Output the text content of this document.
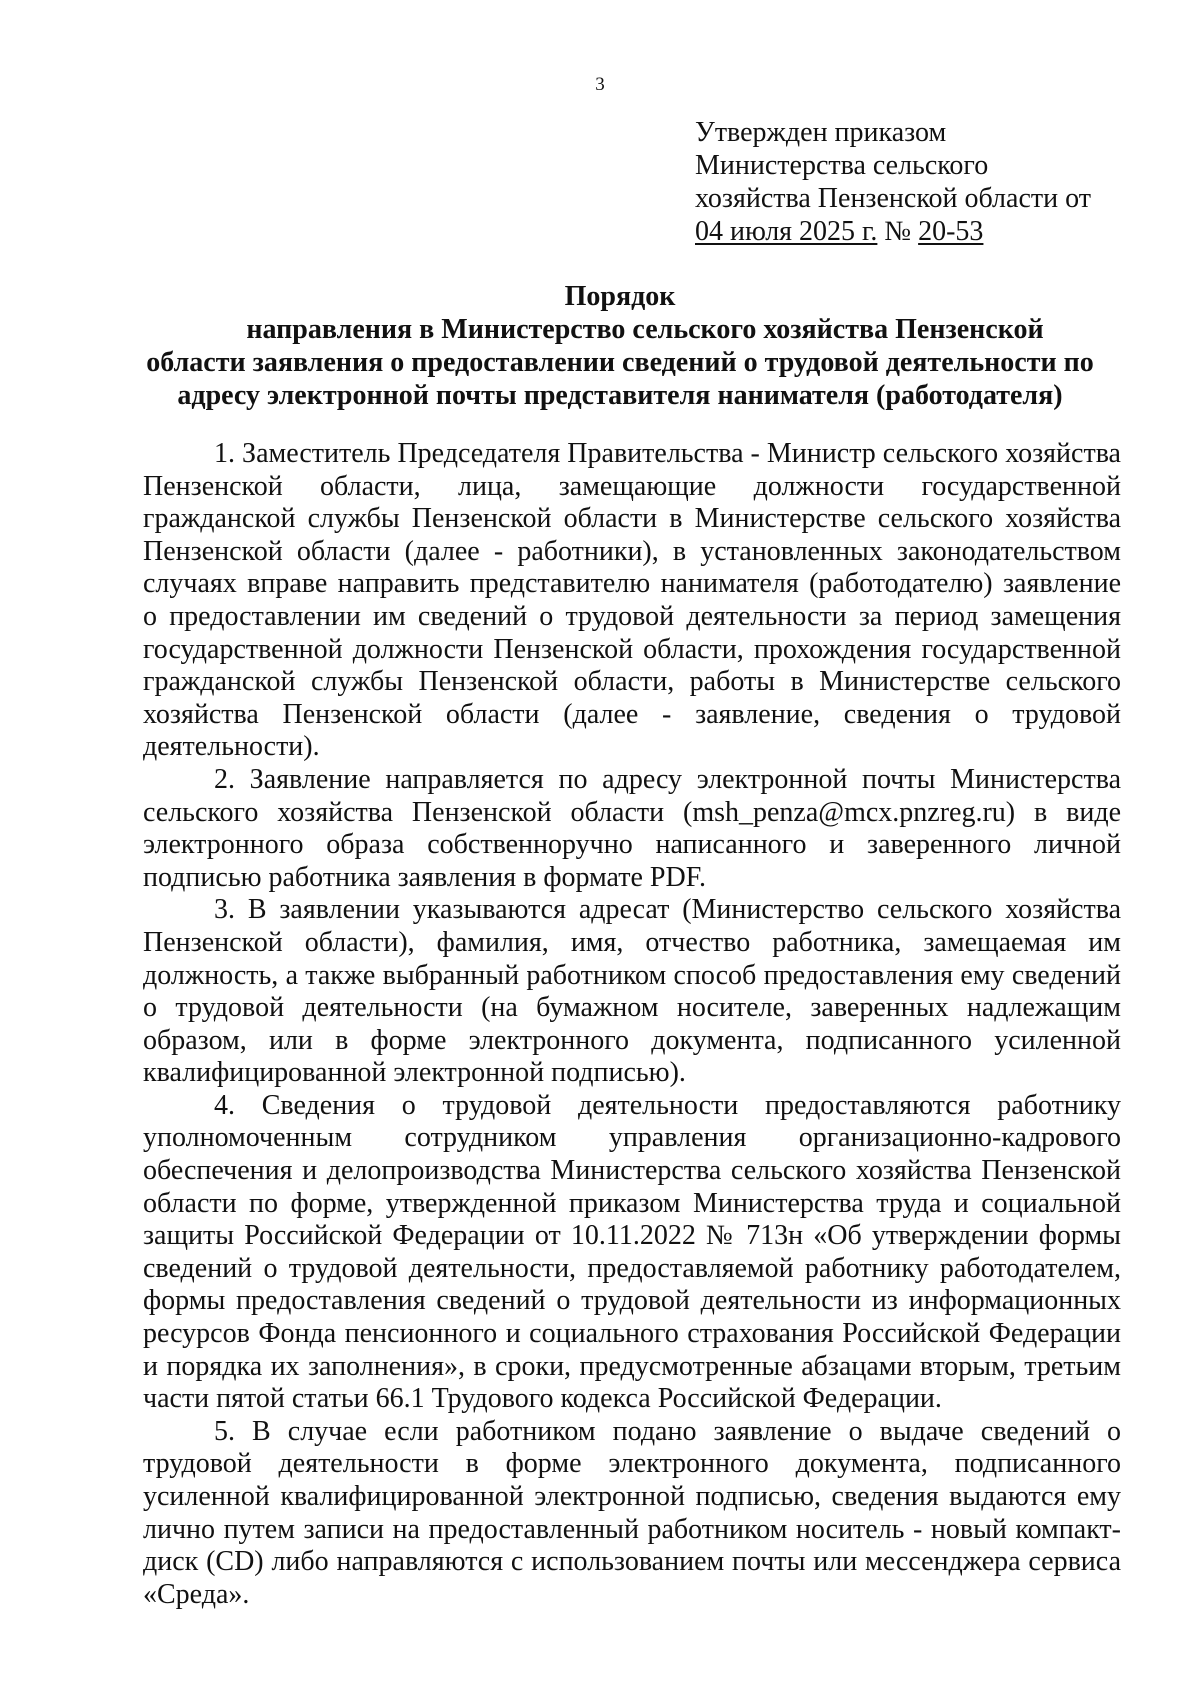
3
Утвержден приказом
Министерства сельского
хозяйства Пензенской области от
04 июля 2025 г. № 20-53
Порядок
направления в Министерство сельского хозяйства Пензенской
области заявления о предоставлении сведений о трудовой деятельности по
адресу электронной почты представителя нанимателя (работодателя)

1. Заместитель Председателя Правительства - Министр сельского хозяйства Пензенской области, лица, замещающие должности государственной гражданской службы Пензенской области в Министерстве сельского хозяйства Пензенской области (далее - работники), в установленных законодательством случаях вправе направить представителю нанимателя (работодателю) заявление о предоставлении им сведений о трудовой деятельности за период замещения государственной должности Пензенской области, прохождения государственной гражданской службы Пензенской области, работы в Министерстве сельского хозяйства Пензенской области (далее - заявление, сведения о трудовой деятельности).

2. Заявление направляется по адресу электронной почты Министерства сельского хозяйства Пензенской области (msh_penza@mcx.pnzreg.ru) в виде электронного образа собственноручно написанного и заверенного личной подписью работника заявления в формате PDF.

3. В заявлении указываются адресат (Министерство сельского хозяйства Пензенской области), фамилия, имя, отчество работника, замещаемая им должность, а также выбранный работником способ предоставления ему сведений о трудовой деятельности (на бумажном носителе, заверенных надлежащим образом, или в форме электронного документа, подписанного усиленной квалифицированной электронной подписью).

4. Сведения о трудовой деятельности предоставляются работнику уполномоченным сотрудником управления организационно-кадрового обеспечения и делопроизводства Министерства сельского хозяйства Пензенской области по форме, утвержденной приказом Министерства труда и социальной защиты Российской Федерации от 10.11.2022 № 713н «Об утверждении формы сведений о трудовой деятельности, предоставляемой работнику работодателем, формы предоставления сведений о трудовой деятельности из информационных ресурсов Фонда пенсионного и социального страхования Российской Федерации и порядка их заполнения», в сроки, предусмотренные абзацами вторым, третьим части пятой статьи 66.1 Трудового кодекса Российской Федерации.

5. В случае если работником подано заявление о выдаче сведений о трудовой деятельности в форме электронного документа, подписанного усиленной квалифицированной электронной подписью, сведения выдаются ему лично путем записи на предоставленный работником носитель - новый компакт-диск (CD) либо направляются с использованием почты или мессенджера сервиса «Среда».
